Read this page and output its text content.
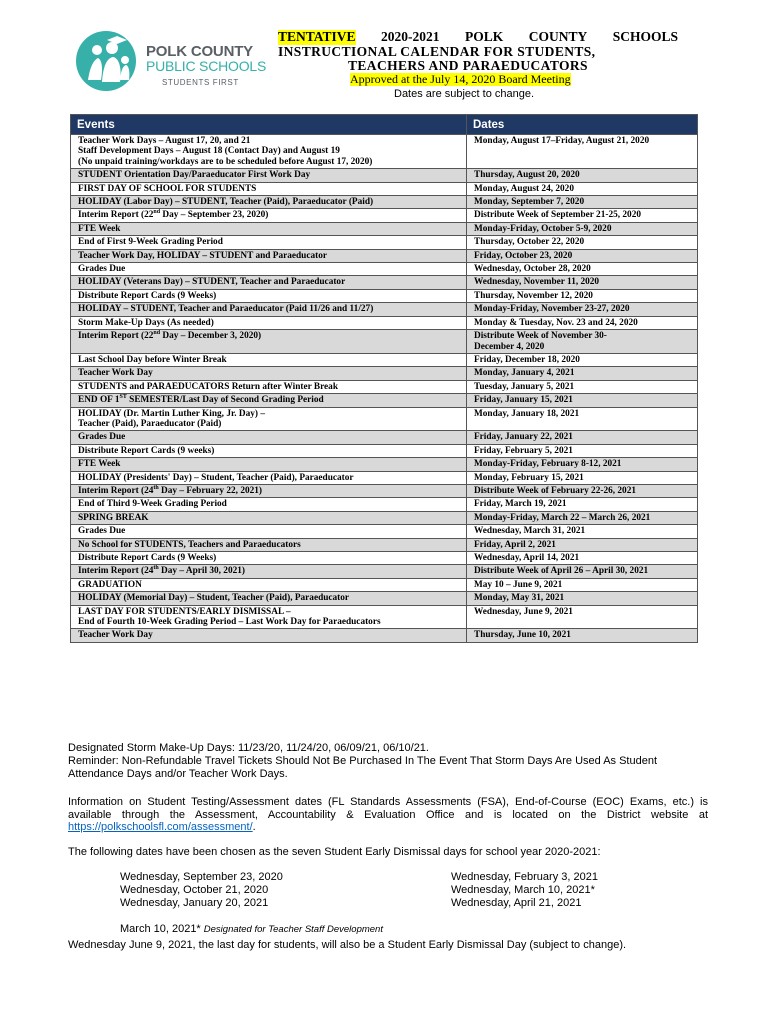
POLK COUNTY
PUBLIC SCHOOLS
STUDENTS FIRST
TENTATIVE 2020-2021 POLK COUNTY SCHOOLS
INSTRUCTIONAL CALENDAR FOR STUDENTS,
TEACHERS AND PARAEDUCATORS
Approved at the July 14, 2020 Board Meeting
Dates are subject to change.
Events	Dates

Teacher Work Days – August 17, 20, and 21
Staff Development Days – August 18 (Contact Day) and August 19
(No unpaid training/workdays are to be scheduled before August 17, 2020)	Monday, August 17–Friday, August 21, 2020

STUDENT Orientation Day/Paraeducator First Work Day	Thursday, August 20, 2020

FIRST DAY OF SCHOOL FOR STUDENTS	Monday, August 24, 2020

HOLIDAY (Labor Day) – STUDENT, Teacher (Paid), Paraeducator (Paid)	Monday, September 7, 2020

Interim Report (22nd Day – September 23, 2020)	Distribute Week of September 21-25, 2020

FTE Week	Monday-Friday, October 5-9, 2020

End of First 9-Week Grading Period	Thursday, October 22, 2020

Teacher Work Day, HOLIDAY – STUDENT and Paraeducator	Friday, October 23, 2020

Grades Due	Wednesday, October 28, 2020

HOLIDAY (Veterans Day) – STUDENT, Teacher and Paraeducator	Wednesday, November 11, 2020

Distribute Report Cards (9 Weeks)	Thursday, November 12, 2020

HOLIDAY – STUDENT, Teacher and Paraeducator (Paid 11/26 and 11/27)	Monday-Friday, November 23-27, 2020

Storm Make-Up Days (As needed)	Monday & Tuesday, Nov. 23 and 24, 2020

Interim Report (22nd Day – December 3, 2020)	Distribute Week of November 30-
December 4, 2020

Last School Day before Winter Break	Friday, December 18, 2020

Teacher Work Day	Monday, January 4, 2021

STUDENTS and PARAEDUCATORS Return after Winter Break	Tuesday, January 5, 2021

END OF 1ST SEMESTER/Last Day of Second Grading Period	Friday, January 15, 2021

HOLIDAY (Dr. Martin Luther King, Jr. Day) –
Teacher (Paid), Paraeducator (Paid)	Monday, January 18, 2021

Grades Due	Friday, January 22, 2021

Distribute Report Cards (9 weeks)	Friday, February 5, 2021

FTE Week	Monday-Friday, February 8-12, 2021

HOLIDAY (Presidents' Day) – Student, Teacher (Paid), Paraeducator	Monday, February 15, 2021

Interim Report (24th Day – February 22, 2021)	Distribute Week of February 22-26, 2021

End of Third 9-Week Grading Period	Friday, March 19, 2021

SPRING BREAK	Monday-Friday, March 22 – March 26, 2021

Grades Due	Wednesday, March 31, 2021

No School for STUDENTS, Teachers and Paraeducators	Friday, April 2, 2021

Distribute Report Cards (9 Weeks)	Wednesday, April 14, 2021

Interim Report (24th Day – April 30, 2021)	Distribute Week of April 26 – April 30, 2021

GRADUATION	May 10 – June 9, 2021

HOLIDAY (Memorial Day) – Student, Teacher (Paid), Paraeducator	Monday, May 31, 2021

LAST DAY FOR STUDENTS/EARLY DISMISSAL –
End of Fourth 10-Week Grading Period – Last Work Day for Paraeducators	Wednesday, June 9, 2021

Teacher Work Day	Thursday, June 10, 2021
Designated Storm Make-Up Days: 11/23/20, 11/24/20, 06/09/21, 06/10/21.
Reminder: Non-Refundable Travel Tickets Should Not Be Purchased In The Event That Storm Days Are Used As Student Attendance Days and/or Teacher Work Days.
Information on Student Testing/Assessment dates (FL Standards Assessments (FSA), End-of-Course (EOC) Exams, etc.) is available through the Assessment, Accountability & Evaluation Office and is located on the District website at https://polkschoolsfl.com/assessment/.
The following dates have been chosen as the seven Student Early Dismissal days for school year 2020-2021:
Wednesday, September 23, 2020
Wednesday, October 21, 2020
Wednesday, January 20, 2021
Wednesday, February 3, 2021
Wednesday, March 10, 2021*
Wednesday, April 21, 2021
March 10, 2021* Designated for Teacher Staff Development
Wednesday June 9, 2021, the last day for students, will also be a Student Early Dismissal Day (subject to change).
